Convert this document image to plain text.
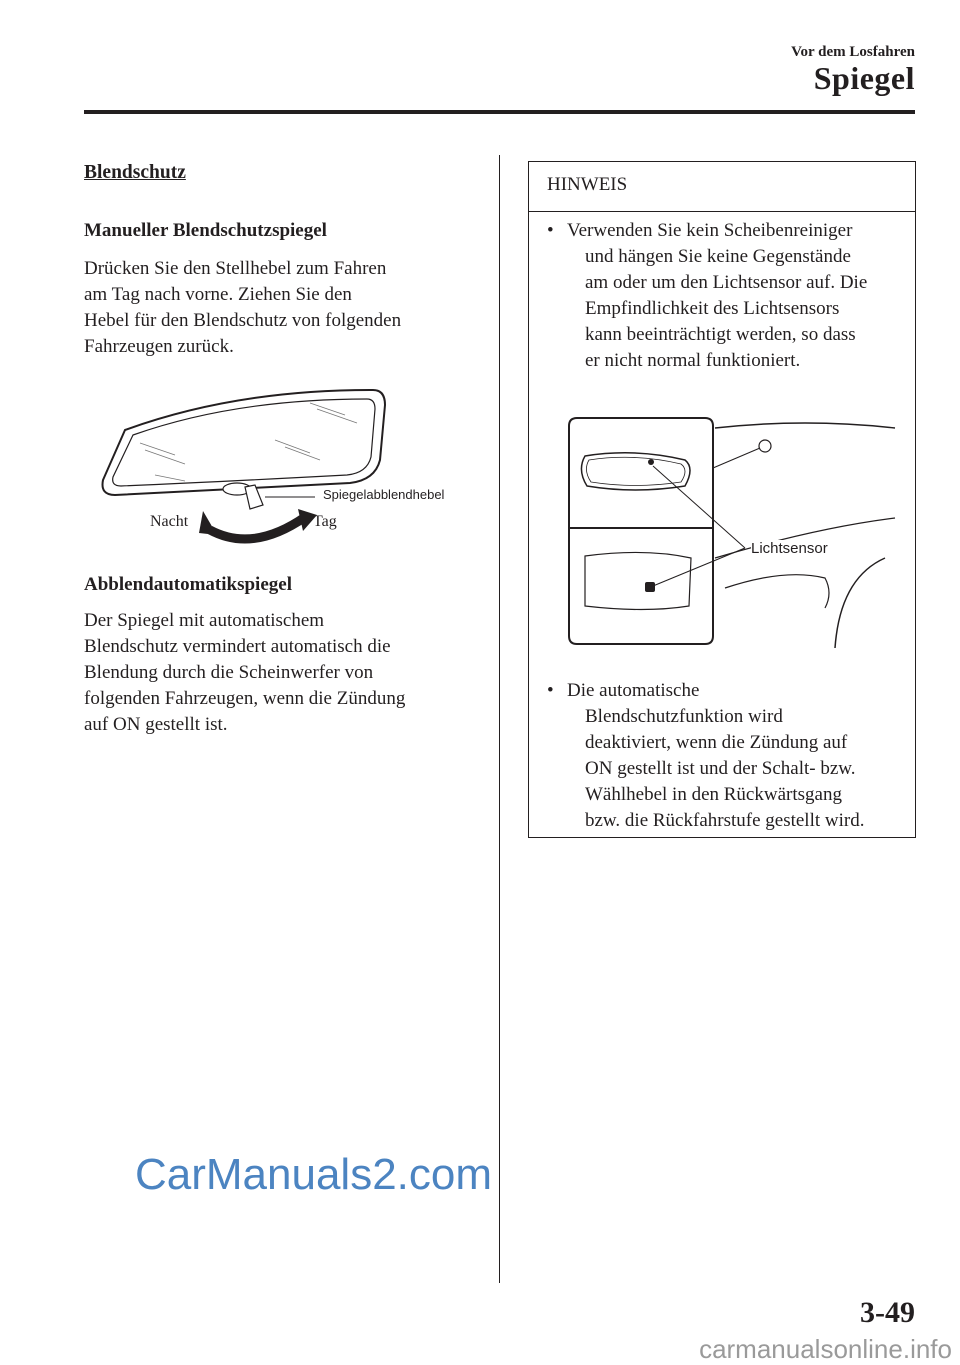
Vor dem Losfahren
Spiegel
Blendschutz
Manueller Blendschutzspiegel
Drücken Sie den Stellhebel zum Fahren
am Tag nach vorne. Ziehen Sie den
Hebel für den Blendschutz von folgenden
Fahrzeugen zurück.
Spiegelabblendhebel
Nacht	Tag
Abblendautomatikspiegel
Der Spiegel mit automatischem
Blendschutz vermindert automatisch die
Blendung durch die Scheinwerfer von
folgenden Fahrzeugen, wenn die Zündung
auf ON gestellt ist.
HINWEIS
• Verwenden Sie kein Scheibenreiniger
und hängen Sie keine Gegenstände
am oder um den Lichtsensor auf. Die
Empfindlichkeit des Lichtsensors
kann beeinträchtigt werden, so dass
er nicht normal funktioniert.
Lichtsensor
• Die automatische
Blendschutzfunktion wird
deaktiviert, wenn die Zündung auf
ON gestellt ist und der Schalt- bzw.
Wählhebel in den Rückwärtsgang
bzw. die Rückfahrstufe gestellt wird.
CarManuals2.com
3-49
carmanualsonline.info
